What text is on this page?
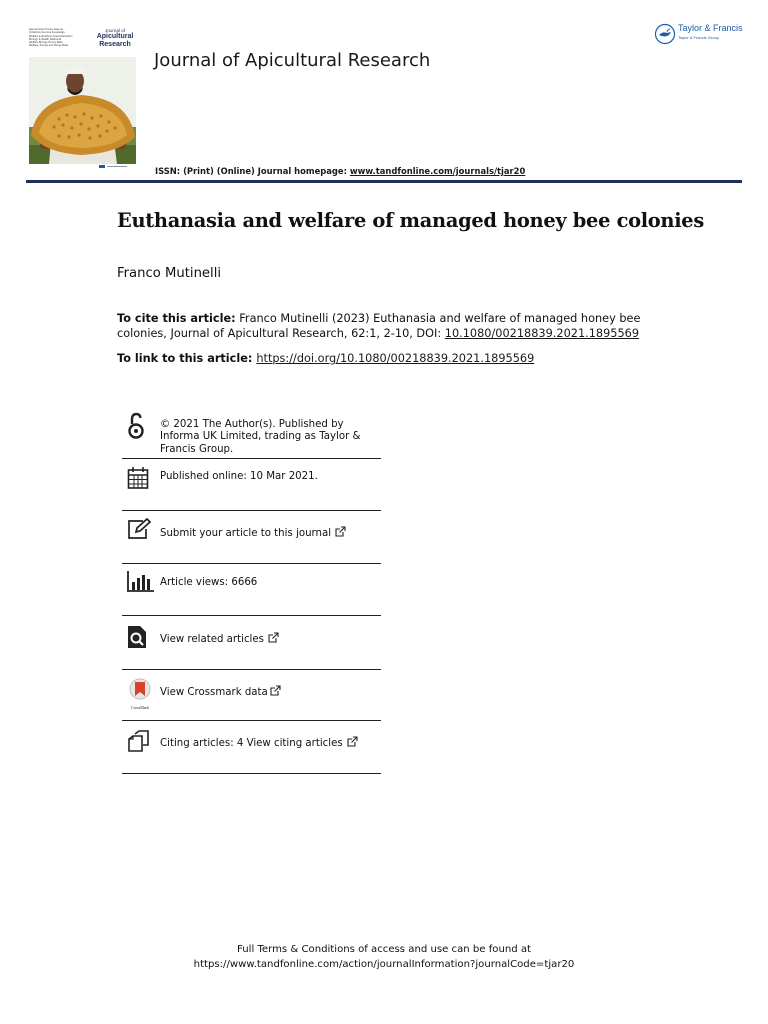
Special issue Honey bees as
Collective Sources knowledge
Welfare & Nutrition Characterization
Biology & Health Abstracts
Welfare Biology Honey Bees
Welfare, Europe and Honey Bees
Journal of
Apicultural
Research
Journal of Apicultural Research
Taylor & Francis
Taylor & Francis Group
ISSN: (Print) (Online) Journal homepage: www.tandfonline.com/journals/tjar20
Euthanasia and welfare of managed honey bee colonies
Franco Mutinelli
To cite this article: Franco Mutinelli (2023) Euthanasia and welfare of managed honey bee colonies, Journal of Apicultural Research, 62:1, 2-10, DOI: 10.1080/00218839.2021.1895569
To link to this article: https://doi.org/10.1080/00218839.2021.1895569
© 2021 The Author(s). Published by Informa UK Limited, trading as Taylor & Francis Group.
Published online: 10 Mar 2021.
Submit your article to this journal
Article views: 6666
View related articles
CrossMark
View Crossmark data
Citing articles: 4 View citing articles
Full Terms & Conditions of access and use can be found at
https://www.tandfonline.com/action/journalInformation?journalCode=tjar20
